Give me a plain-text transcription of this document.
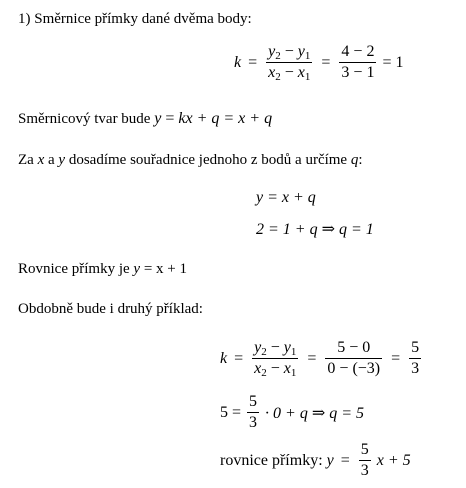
1) Směrnice přímky dané dvěma body:
$k = \frac{y_2 - y_1}{x_2 - x_1} = \frac{4 - 2}{3 - 1} = 1$
Směrnicový tvar bude y = kx + q = x + q
Za x a y dosadíme souřadnice jednoho z bodů a určíme q:
y = x + q
2 = 1 + q ⇒ q = 1
Rovnice přímky je y = x + 1
Obdobně bude i druhý příklad:
$k = \frac{y_2 - y_1}{x_2 - x_1} = \frac{5 - 0}{0 - (-3)} = \frac{5}{3}$
$5 = \frac{5}{3} \cdot 0 + q$ ⇒ q = 5
rovnice přímky: $y = \frac{5}{3}$ x + 5
